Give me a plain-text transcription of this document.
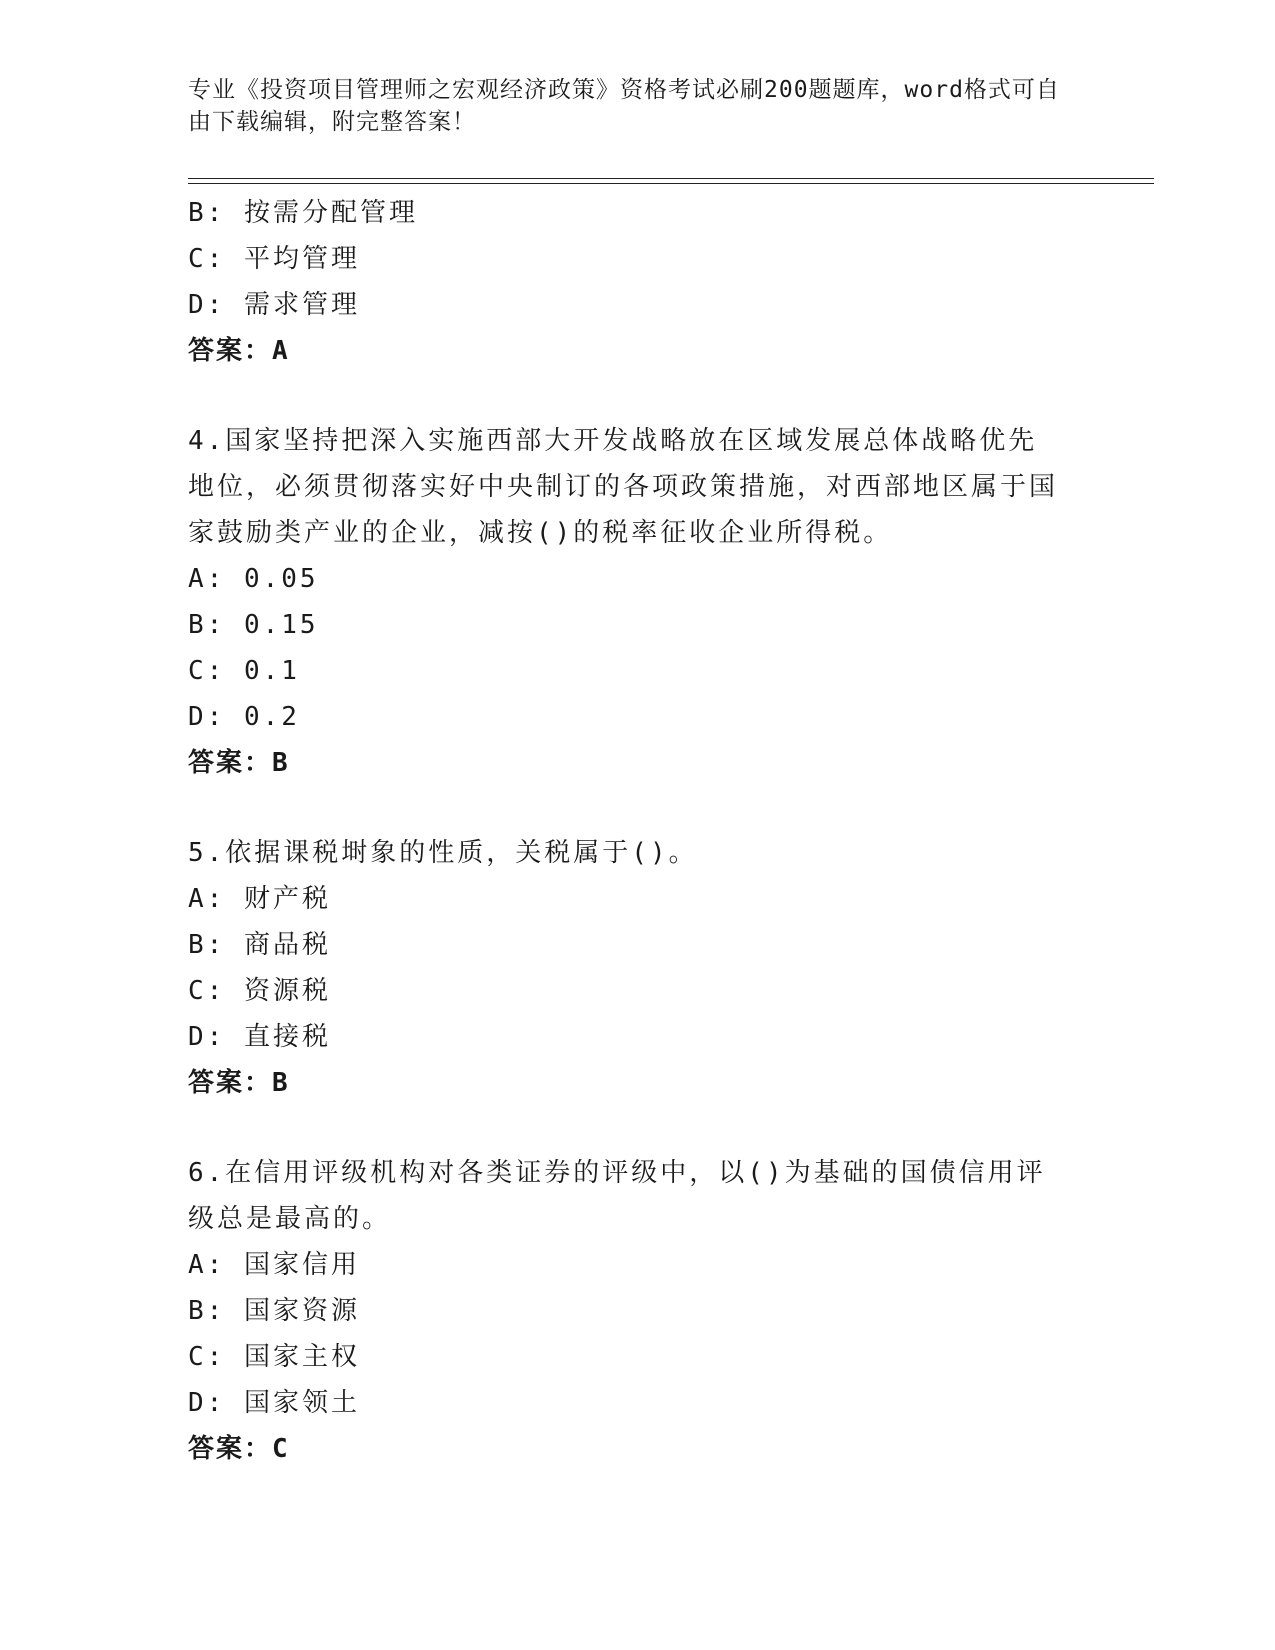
专业《投资项目管理师之宏观经济政策》资格考试必刷200题题库，word格式可自由下载编辑，附完整答案！
B: 按需分配管理
C: 平均管理
D: 需求管理
答案：A
4.国家坚持把深入实施西部大开发战略放在区域发展总体战略优先地位，必须贯彻落实好中央制订的各项政策措施，对西部地区属于国家鼓励类产业的企业，减按()的税率征收企业所得税。
A: 0.05
B: 0.15
C: 0.1
D: 0.2
答案：B
5.依据课税埘象的性质，关税属于()。
A: 财产税
B: 商品税
C: 资源税
D: 直接税
答案：B
6.在信用评级机构对各类证券的评级中，以()为基础的国债信用评级总是最高的。
A: 国家信用
B: 国家资源
C: 国家主权
D: 国家领土
答案：C
